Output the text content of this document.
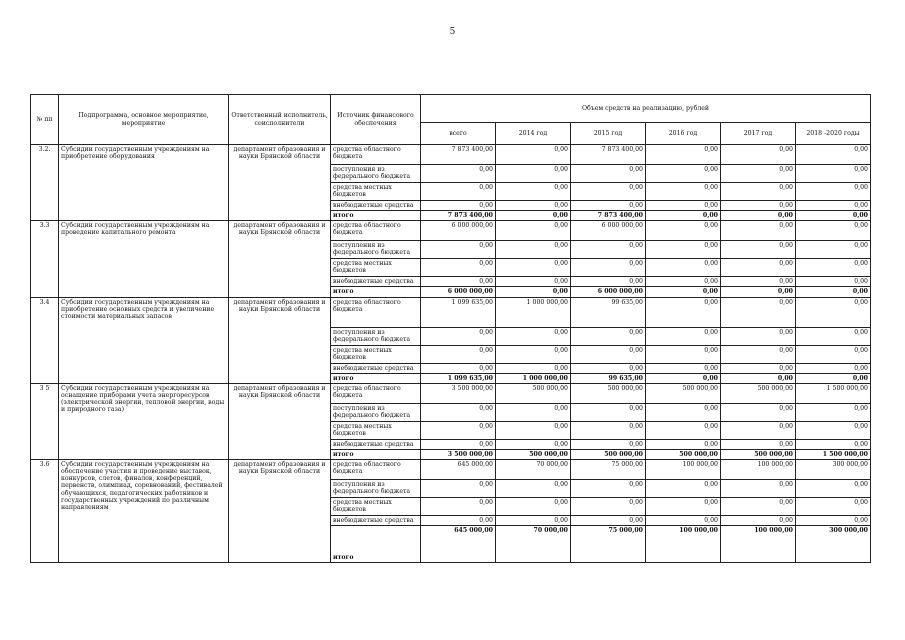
5
№ пп	Подпрограмма, основное мероприятие, мероприятие	Ответственный исполнитель, соисполнители	Источник финансового обеспечения	Объем средств на реализацию, рублей					
				всего	2014 год	2015 год	2016 год	2017 год	2018 -2020 годы
3.2.	Субсидии государственным учреждениям на приобретение оборудования	департамент образования и науки Брянской области	средства областного бюджета	7 873 400,00	0,00	7 873 400,00	0,00	0,00	0,00
			поступления из федерального бюджета	0,00	0,00	0,00	0,00	0,00	0,00
			средства местных бюджетов	0,00	0,00	0,00	0,00	0,00	0,00
			внебюджетные средства	0,00	0,00	0,00	0,00	0,00	0,00
			итого	7 873 400,00	0,00	7 873 400,00	0,00	0,00	0,00
3.3	Субсидии государственным учреждениям на проведение капитального ремонта	департамент образования и науки Брянской области	средства областного бюджета	6 000 000,00	0,00	6 000 000,00	0,00	0,00	0,00
			поступления из федерального бюджета	0,00	0,00	0,00	0,00	0,00	0,00
			средства местных бюджетов	0,00	0,00	0,00	0,00	0,00	0,00
			внебюджетные средства	0,00	0,00	0,00	0,00	0,00	0,00
			итого	6 000 000,00	0,00	6 000 000,00	0,00	0,00	0,00
3.4	Субсидии государственным учреждениям на приобретение основных средств и увеличение стоимости материальных запасов	департамент образования и науки Брянской области	средства областного бюджета	1 099 635,00	1 000 000,00	99 635,00	0,00	0,00	0,00
			поступления из федерального бюджета	0,00	0,00	0,00	0,00	0,00	0,00
			средства местных бюджетов	0,00	0,00	0,00	0,00	0,00	0,00
			внебюджетные средства	0,00	0,00	0,00	0,00	0,00	0,00
			итого	1 099 635,00	1 000 000,00	99 635,00	0,00	0,00	0,00
3 5	Субсидии государственным учреждениям на оснащение приборами учета энергоресурсов (электрической энергии, тепловой энергии, воды и природного газа)	департамент образования и науки Брянской области	средства областного бюджета	3 500 000,00	500 000,00	500 000,00	500 000,00	500 000,00	1 500 000,00
			поступления из федерального бюджета	0,00	0,00	0,00	0,00	0,00	0,00
			средства местных бюджетов	0,00	0,00	0,00	0,00	0,00	0,00
			внебюджетные средства	0,00	0,00	0,00	0,00	0,00	0,00
			итого	3 500 000,00	500 000,00	500 000,00	500 000,00	500 000,00	1 500 000,00
3.6	Субсидии государственным учреждениям на обеспечение участия и проведение выставок, конкурсов, слетов, финалов, конференций, первенств, олимпиад, соревнований, фестивалей обучающихся, педагогических работников и государственных учреждений по различным направлениям	департамент образования и науки Брянской области	средства областного бюджета	645 000,00	70 000,00	75 000,00	100 000,00	100 000,00	300 000,00
			поступления из федерального бюджета	0,00	0,00	0,00	0,00	0,00	0,00
			средства местных бюджетов	0,00	0,00	0,00	0,00	0,00	0,00
			внебюджетные средства	0,00	0,00	0,00	0,00	0,00	0,00
			итого	645 000,00	70 000,00	75 000,00	100 000,00	100 000,00	300 000,00
